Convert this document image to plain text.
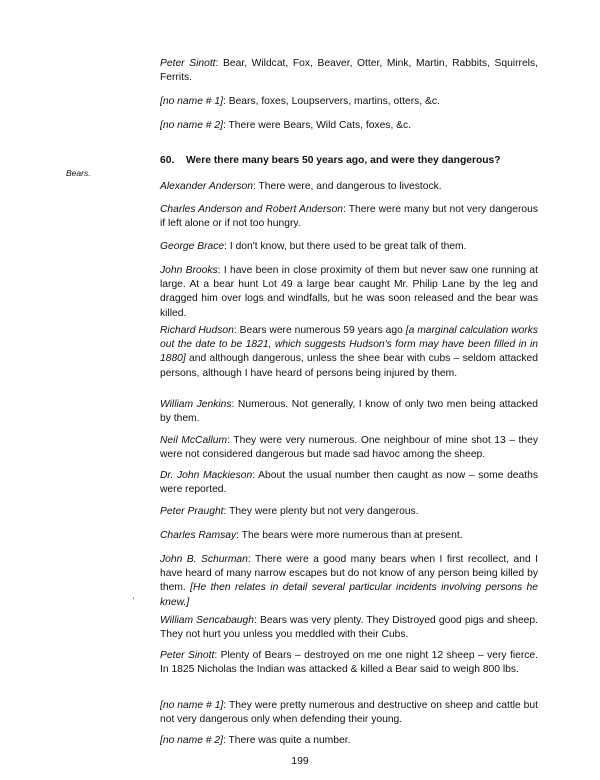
Peter Sinott: Bear, Wildcat, Fox, Beaver, Otter, Mink, Martin, Rabbits, Squirrels, Ferrits.

[no name # 1]: Bears, foxes, Loupservers, martins, otters, &c.

[no name # 2]: There were Bears, Wild Cats, foxes, &c.

60. Were there many bears 50 years ago, and were they dangerous?
Bears.

Alexander Anderson: There were, and dangerous to livestock.

Charles Anderson and Robert Anderson: There were many but not very dangerous if left alone or if not too hungry.

George Brace: I don't know, but there used to be great talk of them.

John Brooks: I have been in close proximity of them but never saw one running at large. At a bear hunt Lot 49 a large bear caught Mr. Philip Lane by the leg and dragged him over logs and windfalls, but he was soon released and the bear was killed.

Richard Hudson: Bears were numerous 59 years ago [a marginal calculation works out the date to be 1821, which suggests Hudson's form may have been filled in in 1880] and although dangerous, unless the shee bear with cubs – seldom attacked persons, although I have heard of persons being injured by them.

William Jenkins: Numerous. Not generally, I know of only two men being attacked by them.

Neil McCallum: They were very numerous. One neighbour of mine shot 13 – they were not considered dangerous but made sad havoc among the sheep.

Dr. John Mackieson: About the usual number then caught as now – some deaths were reported.

Peter Praught: They were plenty but not very dangerous.

Charles Ramsay: The bears were more numerous than at present.

John B. Schurman: There were a good many bears when I first recollect, and I have heard of many narrow escapes but do not know of any person being killed by them. [He then relates in detail several particular incidents involving persons he knew.]

William Sencabaugh: Bears was very plenty. They Distroyed good pigs and sheep. They not hurt you unless you meddled with their Cubs.

Peter Sinott: Plenty of Bears – destroyed on me one night 12 sheep – very fierce. In 1825 Nicholas the Indian was attacked & killed a Bear said to weigh 800 lbs.

[no name # 1]: They were pretty numerous and destructive on sheep and cattle but not very dangerous only when defending their young.

[no name # 2]: There was quite a number.

199
